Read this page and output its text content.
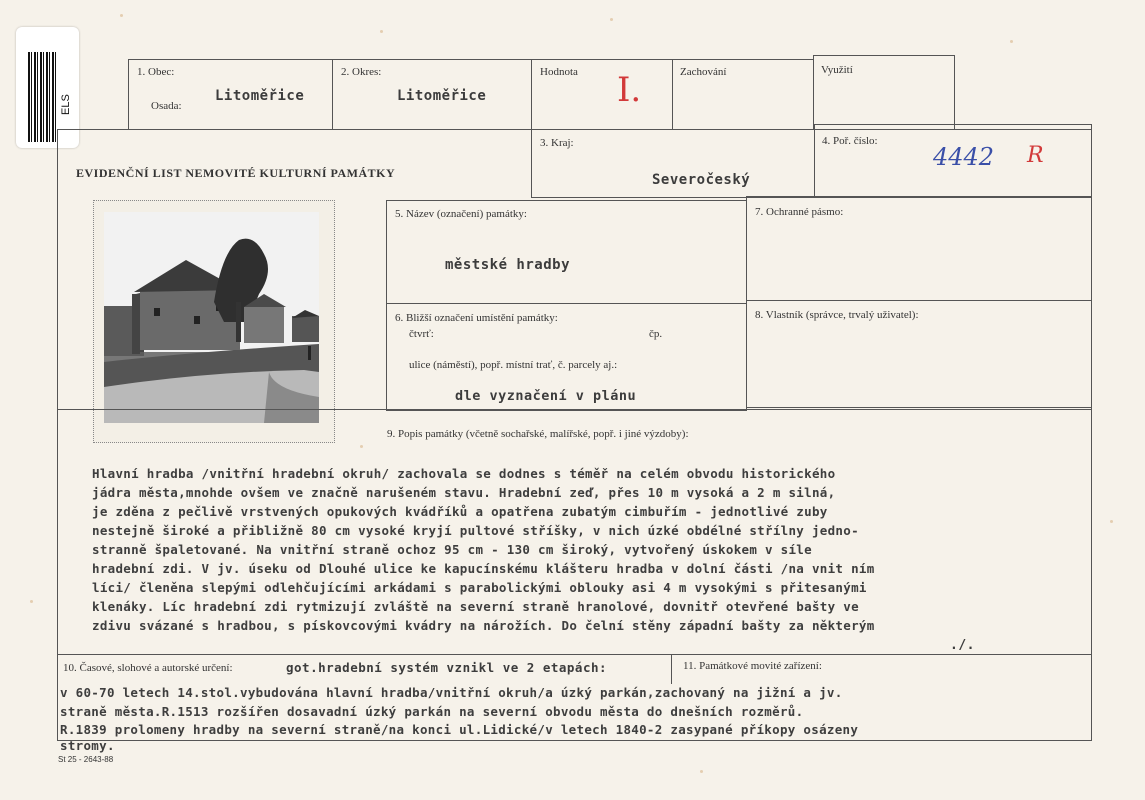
ELS
1. Obec:
Osada:
Litoměřice
2. Okres:
Litoměřice
Hodnota I.	Zachování	Využití
EVIDENČNÍ LIST NEMOVITÉ KULTURNÍ PAMÁTKY
3. Kraj:
Severočeský
4. Poř. číslo:
4442 R
5. Název (označení) památky:
městské hradby
7. Ochranné pásmo:
6. Bližší označení umístění památky:
čtvrť:	čp.
ulice (náměstí), popř. místní trať, č. parcely aj.:
dle vyznačení v plánu
8. Vlastník (správce, trvalý uživatel):
9. Popis památky (včetně sochařské, malířské, popř. i jiné výzdoby):
Hlavní hradba /vnitřní hradební okruh/ zachovala se dodnes s téměř na celém obvodu historického
jádra města,mnohde ovšem ve značně narušeném stavu. Hradební zeď, přes 10 m vysoká a 2 m silná,
je zděna z pečlivě vrstvených opukových kvádříků a opatřena zubatým cimbuřím - jednotlivé zuby
nestejně široké a přibližně 80 cm vysoké kryjí pultové stříšky, v nich úzké obdélné střílny jedno-
stranně špaletované. Na vnitřní straně ochoz 95 cm - 130 cm široký, vytvořený úskokem v síle
hradební zdi. V jv. úseku od Dlouhé ulice ke kapucínskému klášteru hradba v dolní části /na vnit ním
líci/ členěna slepými odlehčujícími arkádami s parabolickými oblouky asi 4 m vysokými s přitesanými
klenáky. Líc hradební zdi rytmizují zvláště na severní straně hranolové, dovnitř otevřené bašty ve
zdivu svázané s hradbou, s pískovcovými kvádry na nárožích. Do čelní stěny západní bašty za některým
./.
10. Časové, slohové a autorské určení:	got.hradební systém vznikl ve 2 etapách:	11. Památkové movité zařízení:
v 60-70 letech 14.stol.vybudována hlavní hradba/vnitřní okruh/a úzký parkán,zachovaný na jižní a jv.
straně města.R.1513 rozšířen dosavadní úzký parkán na severní obvodu města do dnešních rozměrů.
R.1839 prolomeny hradby na severní straně/na konci ul.Lidické/v letech 1840-2 zasypané příkopy osázeny
stromy.
St 25 - 2643-88
